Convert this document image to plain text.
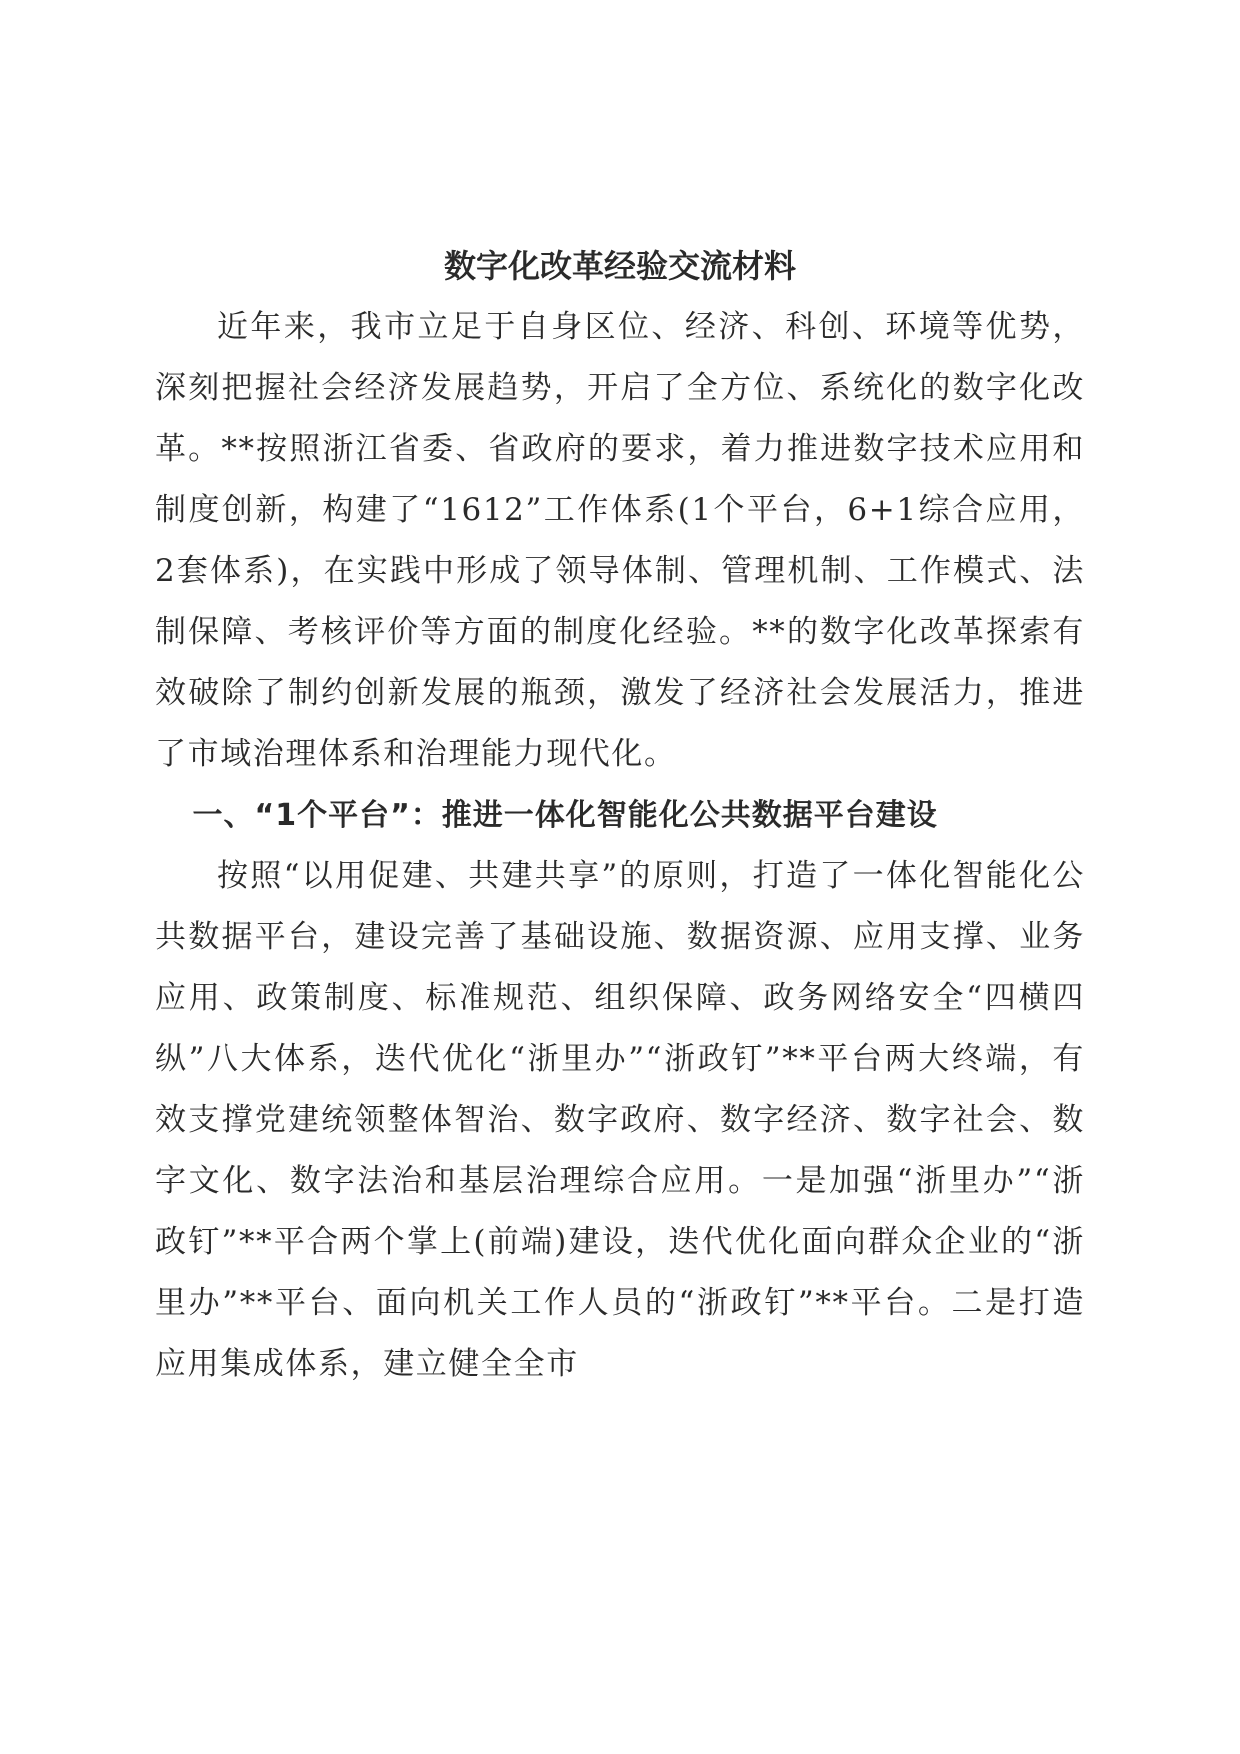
数字化改革经验交流材料

近年来，我市立足于自身区位、经济、科创、环境等优势，深刻把握社会经济发展趋势，开启了全方位、系统化的数字化改革。**按照浙江省委、省政府的要求，着力推进数字技术应用和制度创新，构建了“1612”工作体系(1个平台，6+1综合应用，2套体系)，在实践中形成了领导体制、管理机制、工作模式、法制保障、考核评价等方面的制度化经验。**的数字化改革探索有效破除了制约创新发展的瓶颈，激发了经济社会发展活力，推进了市域治理体系和治理能力现代化。

一、“1个平台”：推进一体化智能化公共数据平台建设

按照“以用促建、共建共享”的原则，打造了一体化智能化公共数据平台，建设完善了基础设施、数据资源、应用支撑、业务应用、政策制度、标准规范、组织保障、政务网络安全“四横四纵”八大体系，迭代优化“浙里办”“浙政钉”**平台两大终端，有效支撑党建统领整体智治、数字政府、数字经济、数字社会、数字文化、数字法治和基层治理综合应用。一是加强“浙里办”“浙政钉”**平合两个掌上(前端)建设，迭代优化面向群众企业的“浙里办”**平台、面向机关工作人员的“浙政钉”**平台。二是打造应用集成体系，建立健全全市
